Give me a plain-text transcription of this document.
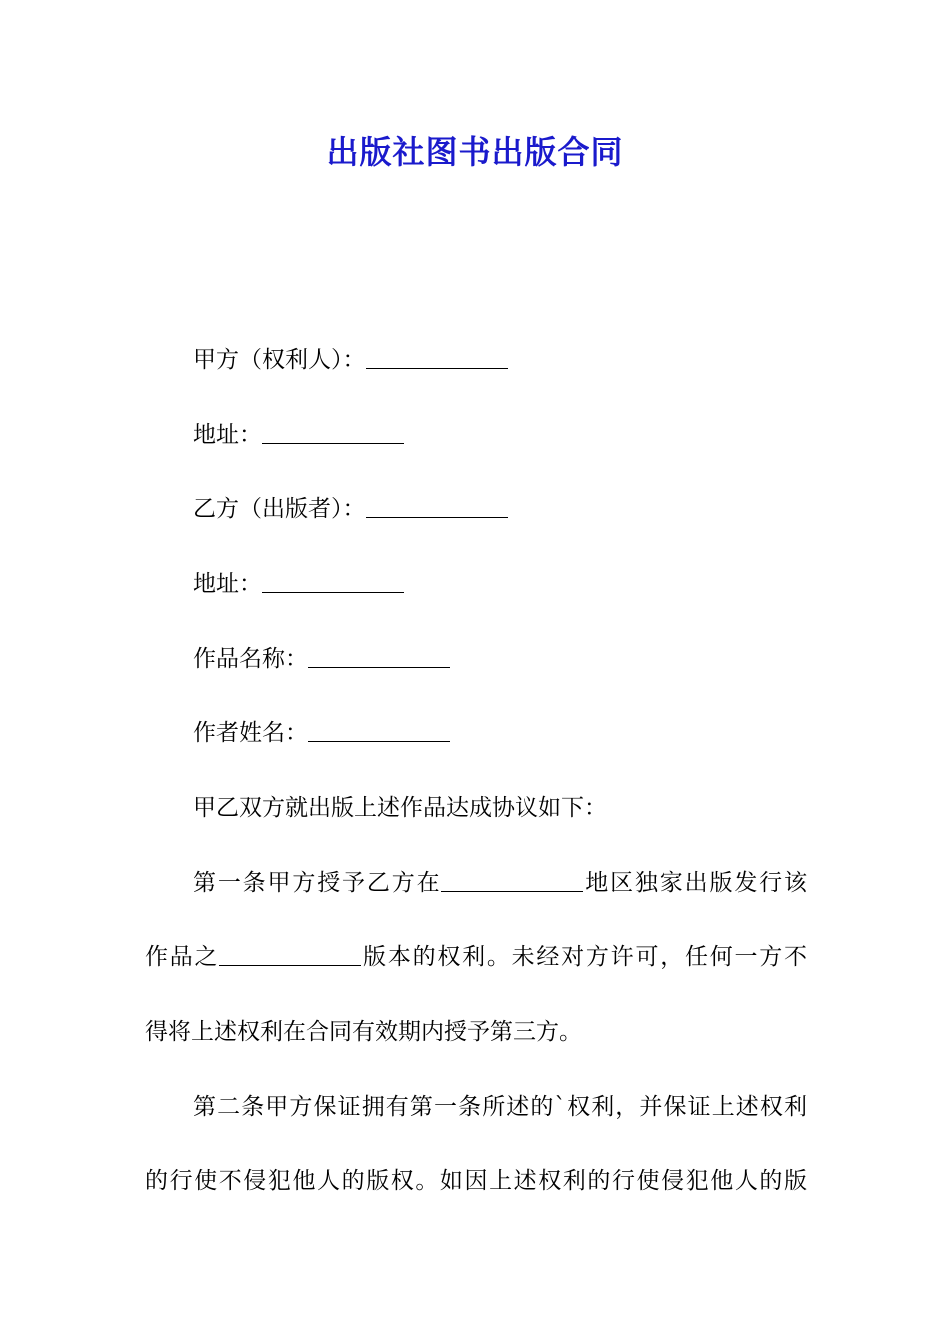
出版社图书出版合同
甲方（权利人）：
地址：
乙方（出版者）：
地址：
作品名称：
作者姓名：
甲乙双方就出版上述作品达成协议如下：
第一条甲方授予乙方在	地区独家出版发行该
作品之	版本的权利。未经对方许可，任何一方不
得将上述权利在合同有效期内授予第三方。
第二条甲方保证拥有第一条所述的`权利，并保证上述权利
的行使不侵犯他人的版权。如因上述权利的行使侵犯他人的版
